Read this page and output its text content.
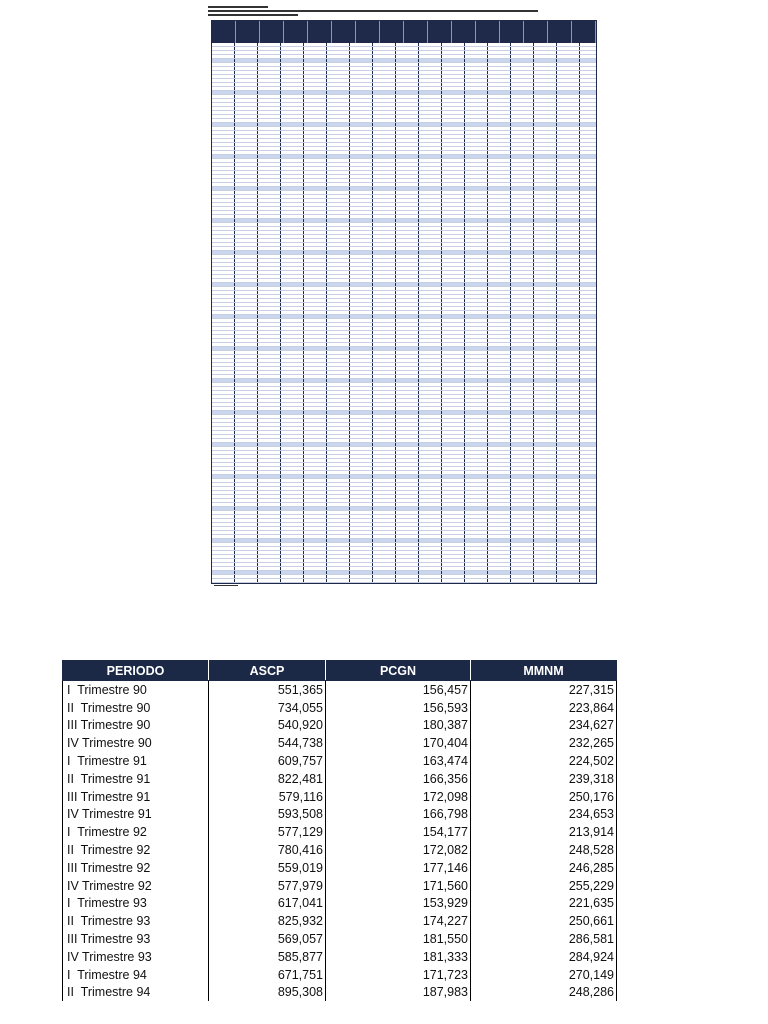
PERIODO	ASCP	PCGN	MMNM
I  Trimestre 90	551,365	156,457	227,315
II  Trimestre 90	734,055	156,593	223,864
III Trimestre 90	540,920	180,387	234,627
IV Trimestre 90	544,738	170,404	232,265
I  Trimestre 91	609,757	163,474	224,502
II  Trimestre 91	822,481	166,356	239,318
III Trimestre 91	579,116	172,098	250,176
IV Trimestre 91	593,508	166,798	234,653
I  Trimestre 92	577,129	154,177	213,914
II  Trimestre 92	780,416	172,082	248,528
III Trimestre 92	559,019	177,146	246,285
IV Trimestre 92	577,979	171,560	255,229
I  Trimestre 93	617,041	153,929	221,635
II  Trimestre 93	825,932	174,227	250,661
III Trimestre 93	569,057	181,550	286,581
IV Trimestre 93	585,877	181,333	284,924
I  Trimestre 94	671,751	171,723	270,149
II  Trimestre 94	895,308	187,983	248,286
